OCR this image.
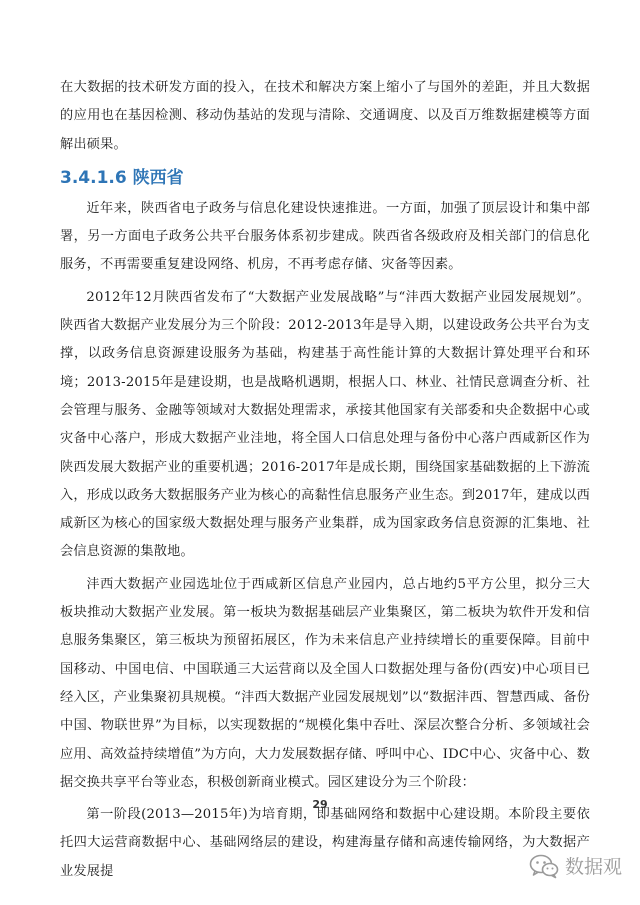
在大数据的技术研发方面的投入，在技术和解决方案上缩小了与国外的差距，并且大数据的应用也在基因检测、移动伪基站的发现与清除、交通调度、以及百万维数据建模等方面解出硕果。

3.4.1.6 陕西省

近年来，陕西省电子政务与信息化建设快速推进。一方面，加强了顶层设计和集中部署，另一方面电子政务公共平台服务体系初步建成。陕西省各级政府及相关部门的信息化服务，不再需要重复建设网络、机房，不再考虑存储、灾备等因素。

2012年12月陕西省发布了“大数据产业发展战略”与“沣西大数据产业园发展规划”。陕西省大数据产业发展分为三个阶段：2012-2013年是导入期，以建设政务公共平台为支撑，以政务信息资源建设服务为基础，构建基于高性能计算的大数据计算处理平台和环境；2013-2015年是建设期，也是战略机遇期，根据人口、林业、社情民意调查分析、社会管理与服务、金融等领域对大数据处理需求，承接其他国家有关部委和央企数据中心或灾备中心落户，形成大数据产业洼地，将全国人口信息处理与备份中心落户西咸新区作为陕西发展大数据产业的重要机遇；2016-2017年是成长期，围绕国家基础数据的上下游流入，形成以政务大数据服务产业为核心的高黏性信息服务产业生态。到2017年，建成以西咸新区为核心的国家级大数据处理与服务产业集群，成为国家政务信息资源的汇集地、社会信息资源的集散地。

沣西大数据产业园选址位于西咸新区信息产业园内，总占地约5平方公里，拟分三大板块推动大数据产业发展。第一板块为数据基础层产业集聚区，第二板块为软件开发和信息服务集聚区，第三板块为预留拓展区，作为未来信息产业持续增长的重要保障。目前中国移动、中国电信、中国联通三大运营商以及全国人口数据处理与备份(西安)中心项目已经入区，产业集聚初具规模。“沣西大数据产业园发展规划”以“数据沣西、智慧西咸、备份中国、物联世界”为目标，以实现数据的“规模化集中吞吐、深层次整合分析、多领域社会应用、高效益持续增值”为方向，大力发展数据存储、呼叫中心、IDC中心、灾备中心、数据交换共享平台等业态，积极创新商业模式。园区建设分为三个阶段：

第一阶段(2013—2015年)为培育期，即基础网络和数据中心建设期。本阶段主要依托四大运营商数据中心、基础网络层的建设，构建海量存储和高速传输网络，为大数据产业发展提

29
数据观
